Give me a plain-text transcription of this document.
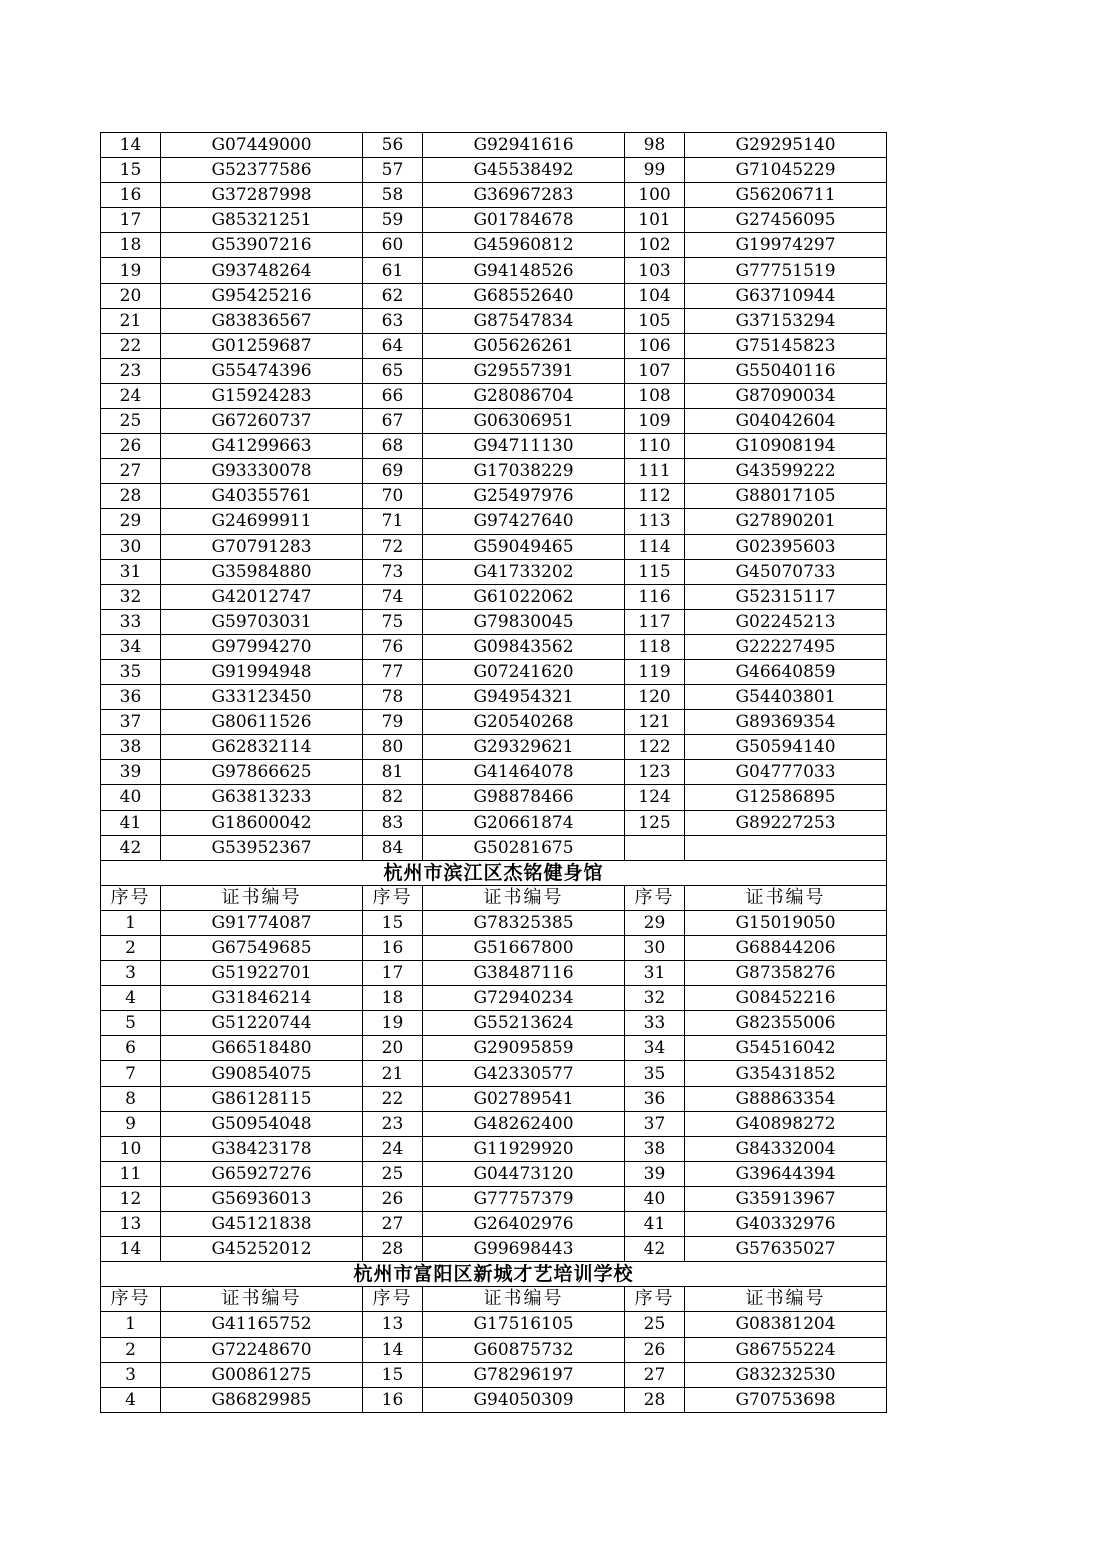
14	G07449000	56	G92941616	98	G29295140
15	G52377586	57	G45538492	99	G71045229
16	G37287998	58	G36967283	100	G56206711
17	G85321251	59	G01784678	101	G27456095
18	G53907216	60	G45960812	102	G19974297
19	G93748264	61	G94148526	103	G77751519
20	G95425216	62	G68552640	104	G63710944
21	G83836567	63	G87547834	105	G37153294
22	G01259687	64	G05626261	106	G75145823
23	G55474396	65	G29557391	107	G55040116
24	G15924283	66	G28086704	108	G87090034
25	G67260737	67	G06306951	109	G04042604
26	G41299663	68	G94711130	110	G10908194
27	G93330078	69	G17038229	111	G43599222
28	G40355761	70	G25497976	112	G88017105
29	G24699911	71	G97427640	113	G27890201
30	G70791283	72	G59049465	114	G02395603
31	G35984880	73	G41733202	115	G45070733
32	G42012747	74	G61022062	116	G52315117
33	G59703031	75	G79830045	117	G02245213
34	G97994270	76	G09843562	118	G22227495
35	G91994948	77	G07241620	119	G46640859
36	G33123450	78	G94954321	120	G54403801
37	G80611526	79	G20540268	121	G89369354
38	G62832114	80	G29329621	122	G50594140
39	G97866625	81	G41464078	123	G04777033
40	G63813233	82	G98878466	124	G12586895
41	G18600042	83	G20661874	125	G89227253
42	G53952367	84	G50281675		
杭州市滨江区杰铭健身馆					
序号	证书编号	序号	证书编号	序号	证书编号
1	G91774087	15	G78325385	29	G15019050
2	G67549685	16	G51667800	30	G68844206
3	G51922701	17	G38487116	31	G87358276
4	G31846214	18	G72940234	32	G08452216
5	G51220744	19	G55213624	33	G82355006
6	G66518480	20	G29095859	34	G54516042
7	G90854075	21	G42330577	35	G35431852
8	G86128115	22	G02789541	36	G88863354
9	G50954048	23	G48262400	37	G40898272
10	G38423178	24	G11929920	38	G84332004
11	G65927276	25	G04473120	39	G39644394
12	G56936013	26	G77757379	40	G35913967
13	G45121838	27	G26402976	41	G40332976
14	G45252012	28	G99698443	42	G57635027
杭州市富阳区新城才艺培训学校					
序号	证书编号	序号	证书编号	序号	证书编号
1	G41165752	13	G17516105	25	G08381204
2	G72248670	14	G60875732	26	G86755224
3	G00861275	15	G78296197	27	G83232530
4	G86829985	16	G94050309	28	G70753698
